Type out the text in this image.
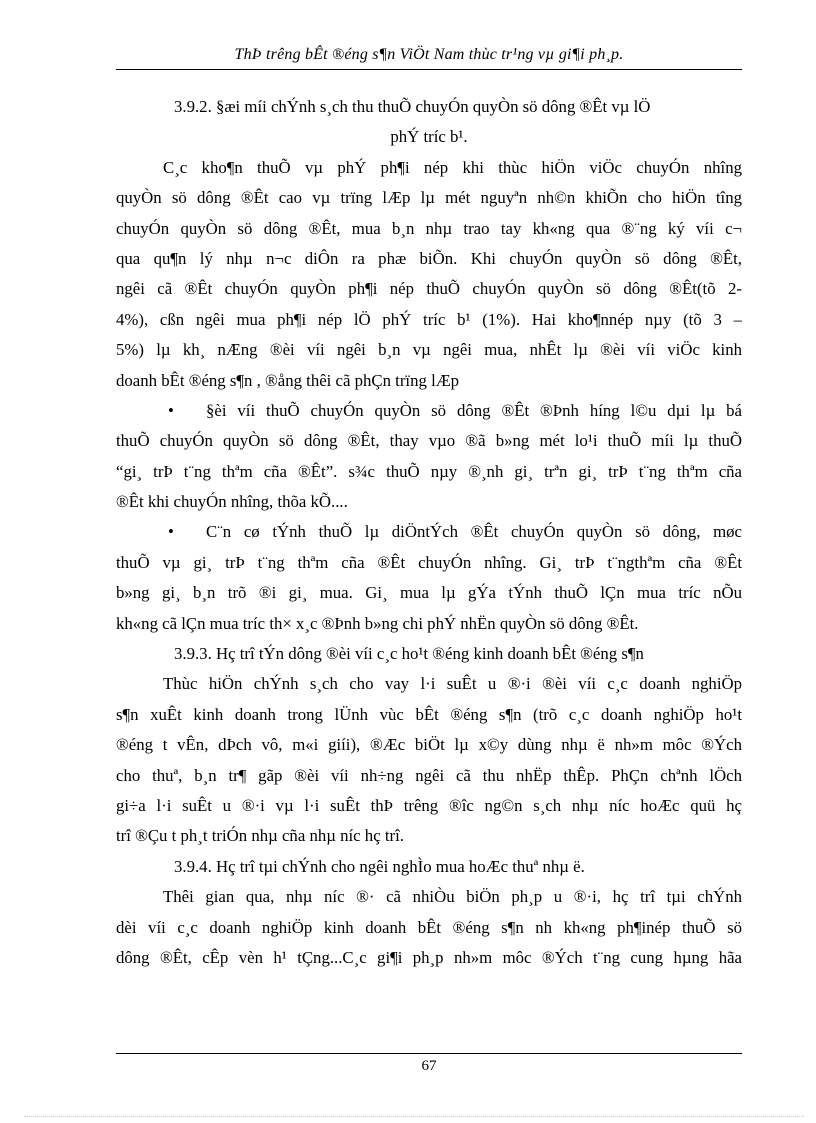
ThÞ trêng bÊt ®éng s¶n ViÖt Nam thùc tr¹ng vµ gi¶i ph¸p.
3.9.2. §æi míi chÝnh s¸ch thu thuÕ chuyÓn quyÒn sö dông ®Êt vµ lÖ
phÝ tríc b¹.
C¸c kho¶n thuÕ vµ phÝ ph¶i nép khi thùc hiÖn viÖc chuyÓn nhîng
quyÒn sö dông ®Êt cao vµ trïng lÆp lµ mét nguyªn nh©n khiÕn cho hiÖn tîng
chuyÓn quyÒn sö dông ®Êt, mua b¸n nhµ trao tay kh«ng qua ®¨ng ký víi c¬
qua qu¶n lý nhµ n¬c diÔn ra phæ biÕn. Khi chuyÓn quyÒn sö dông ®Êt,
ngêi cã ®Êt chuyÓn quyÒn ph¶i nép thuÕ chuyÓn quyÒn sö dông ®Êt(tõ 2-
4%), cßn ngêi mua ph¶i nép lÖ phÝ tríc b¹ (1%). Hai kho¶nnép nµy (tõ 3 –
5%) lµ kh¸ nÆng ®èi víi ngêi b¸n vµ ngêi mua, nhÊt lµ ®èi víi viÖc kinh
doanh bÊt ®éng s¶n , ®ång thêi cã phÇn trïng lÆp
• §èi víi thuÕ chuyÓn quyÒn sö dông ®Êt ®Þnh híng l©u dµi lµ bá
thuÕ chuyÓn quyÒn sö dông ®Êt, thay vµo ®ã b»ng mét lo¹i thuÕ míi lµ thuÕ
“gi¸ trÞ t¨ng thªm cña ®Êt”. s¾c thuÕ nµy ®¸nh gi¸ trªn gi¸ trÞ t¨ng thªm cña
®Êt khi chuyÓn nhîng, thõa kÕ....
• C¨n cø tÝnh thuÕ lµ diÖntÝch ®Êt chuyÓn quyÒn sö dông, møc
thuÕ vµ gi¸ trÞ t¨ng thªm cña ®Êt chuyÓn nhîng. Gi¸ trÞ t¨ngthªm cña ®Êt
b»ng gi¸ b¸n trõ ®i gi¸ mua. Gi¸ mua lµ gÝa tÝnh thuÕ lÇn mua tríc nÕu
kh«ng cã lÇn mua tríc th× x¸c ®Þnh b»ng chi phÝ nhËn quyÒn sö dông ®Êt.
3.9.3. Hç trî tÝn dông ®èi víi c¸c ho¹t ®éng kinh doanh bÊt ®éng s¶n
Thùc hiÖn chÝnh s¸ch cho vay l·i suÊt u ®·i ®èi víi c¸c doanh nghiÖp
s¶n xuÊt kinh doanh trong lÜnh vùc bÊt ®éng s¶n (trõ c¸c doanh nghiÖp ho¹t
®éng t vÊn, dÞch vô, m«i giíi), ®Æc biÖt lµ x©y dùng nhµ ë nh»m môc ®Ých
cho thuª, b¸n tr¶ gãp ®èi víi nh÷ng ngêi cã thu nhËp thÊp. PhÇn chªnh lÖch
gi÷a l·i suÊt u ®·i vµ l·i suÊt thÞ trêng ®îc ng©n s¸ch nhµ níc hoÆc quü hç
trî ®Çu t ph¸t triÓn nhµ cña nhµ níc hç trî.
3.9.4. Hç trî tµi chÝnh cho ngêi nghÌo mua hoÆc thuª nhµ ë.
Thêi gian qua, nhµ níc ®· cã nhiÒu biÖn ph¸p u ®·i, hç trî tµi chÝnh
dèi víi c¸c doanh nghiÖp kinh doanh bÊt ®éng s¶n nh kh«ng ph¶inép thuÕ sö
dông ®Êt, cÊp vèn h¹ tÇng...C¸c gi¶i ph¸p nh»m môc ®Ých t¨ng cung hµng hãa
67
